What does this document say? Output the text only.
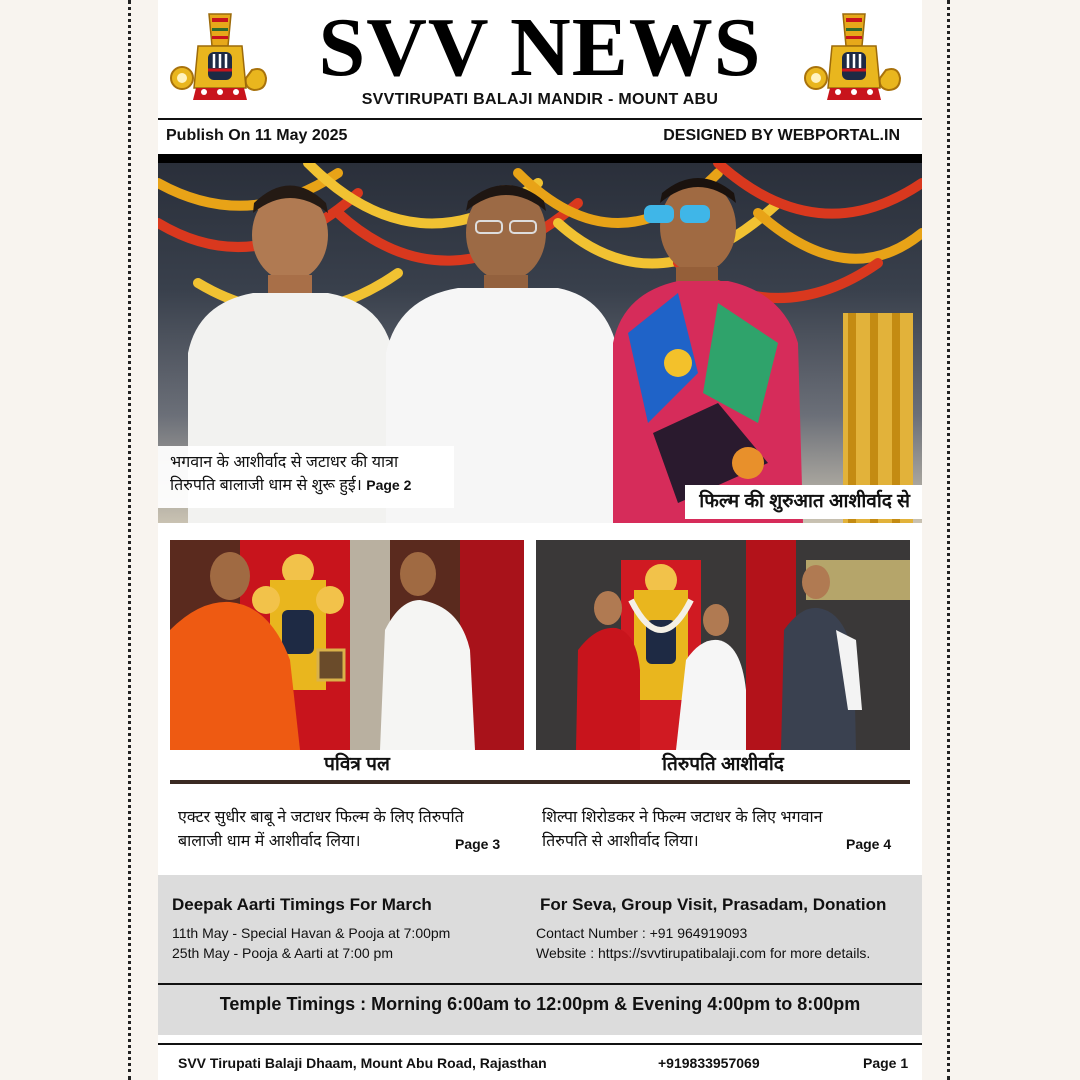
SVV NEWS
SVVTIRUPATI BALAJI MANDIR - MOUNT ABU
Publish On 11 May 2025	DESIGNED BY WEBPORTAL.IN
भगवान के आशीर्वाद से जटाधर की यात्रा
तिरुपति बालाजी धाम से शुरू हुई। Page 2
फिल्म की शुरुआत आशीर्वाद से
पवित्र पल	तिरुपति आशीर्वाद
एक्टर सुधीर बाबू ने जटाधर फिल्म के लिए तिरुपति
बालाजी धाम में आशीर्वाद लिया।	Page 3
शिल्पा शिरोडकर ने फिल्म जटाधर के लिए भगवान
तिरुपति से आशीर्वाद लिया।	Page 4
Deepak Aarti Timings For March

11th May - Special Havan & Pooja at 7:00pm

25th May - Pooja & Aarti at 7:00 pm

For Seva, Group Visit, Prasadam, Donation

Contact Number : +91 964919093

Website : https://svvtirupatibalaji.com for more details.

Temple Timings : Morning 6:00am to 12:00pm & Evening 4:00pm to 8:00pm
SVV Tirupati Balaji Dhaam, Mount Abu Road, Rajasthan	+919833957069	Page 1
